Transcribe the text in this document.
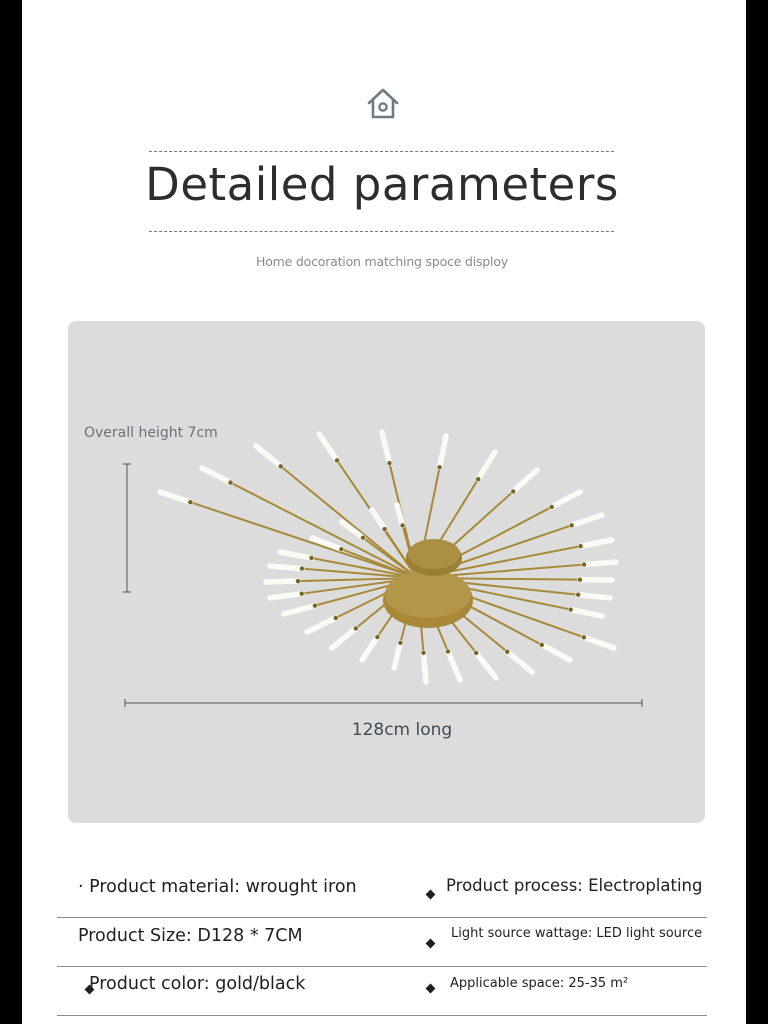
Detailed parameters
Home docoration matching spoce disploy
Overall height 7cm
128cm long
· Product material: wrought iron	Product process: Electroplating
Product Size: D128 * 7CM	Light source wattage: LED light source
Product color: gold/black	Applicable space: 25-35 m²
